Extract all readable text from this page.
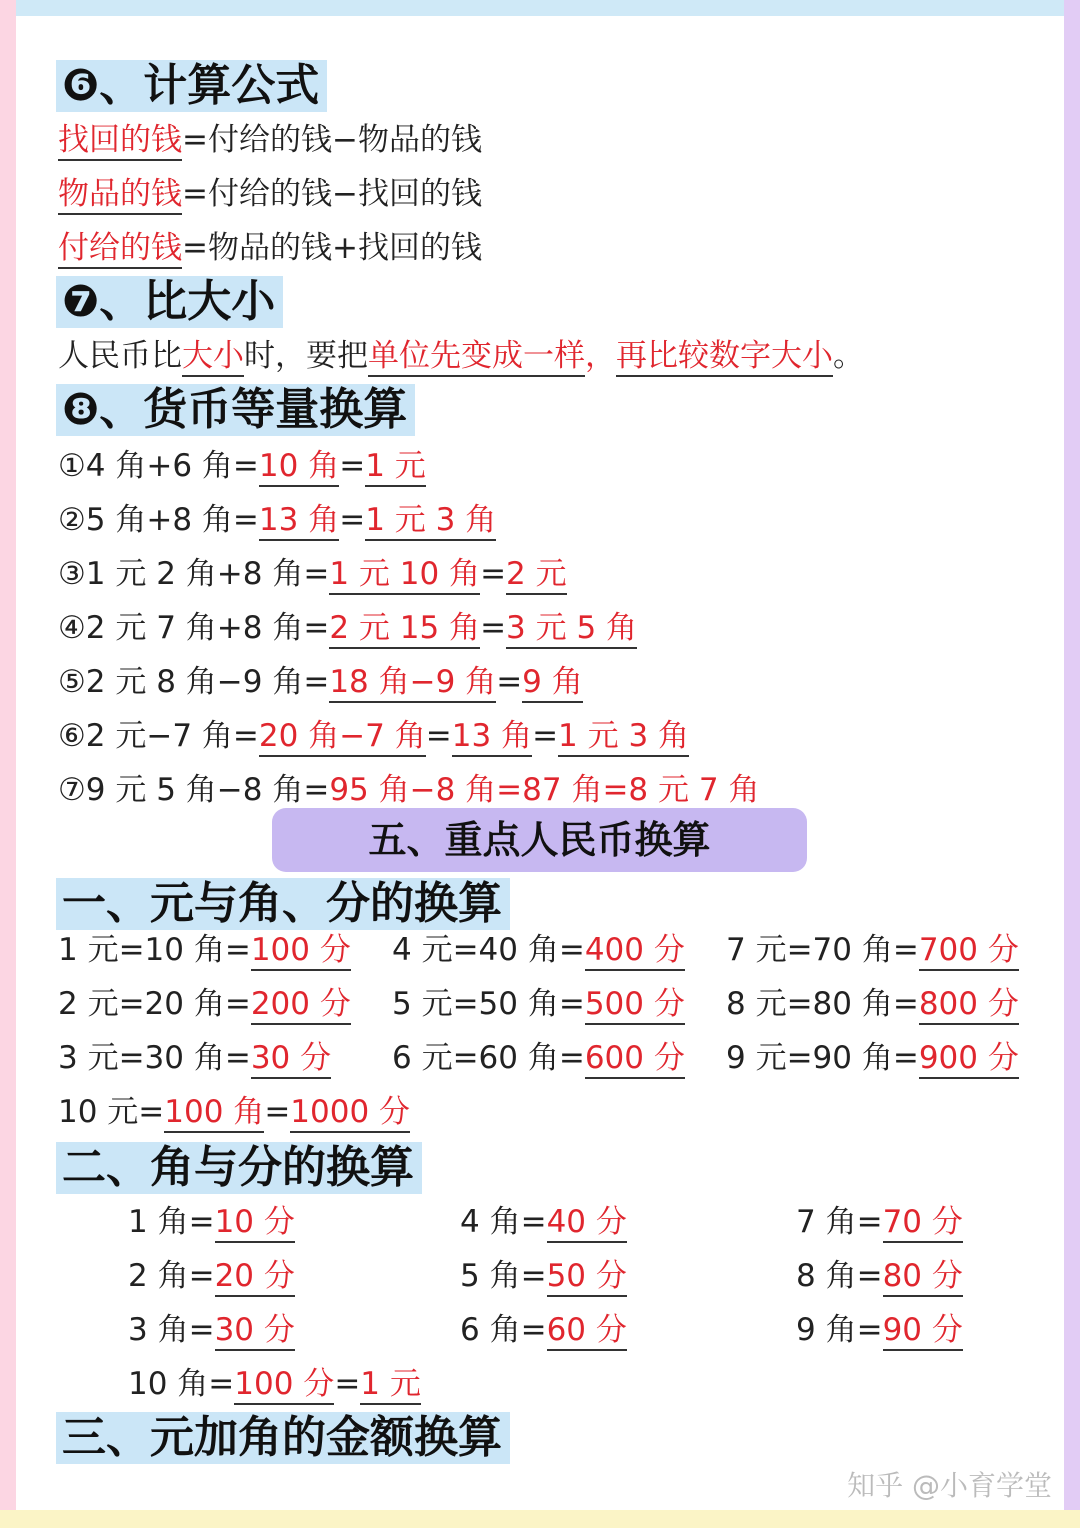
❻、计算公式
找回的钱=付给的钱−物品的钱
物品的钱=付给的钱−找回的钱
付给的钱=物品的钱+找回的钱
❼、比大小
人民币比大小时，要把单位先变成一样，再比较数字大小。
❽、货币等量换算
①4 角+6 角=10 角=1 元
②5 角+8 角=13 角=1 元 3 角
③1 元 2 角+8 角=1 元 10 角=2 元
④2 元 7 角+8 角=2 元 15 角=3 元 5 角
⑤2 元 8 角−9 角=18 角−9 角=9 角
⑥2 元−7 角=20 角−7 角=13 角=1 元 3 角
⑦9 元 5 角−8 角=95 角−8 角=87 角=8 元 7 角
五、重点人民币换算
一、元与角、分的换算
1 元=10 角=100 分 4 元=40 角=400 分 7 元=70 角=700 分
2 元=20 角=200 分 5 元=50 角=500 分 8 元=80 角=800 分
3 元=30 角=30 分 6 元=60 角=600 分 9 元=90 角=900 分
10 元=100 角=1000 分
二、角与分的换算
1 角=10 分	4 角=40 分	7 角=70 分
2 角=20 分	5 角=50 分	8 角=80 分
3 角=30 分	6 角=60 分	9 角=90 分
10 角=100 分=1 元
三、元加角的金额换算
知乎 @小育学堂
